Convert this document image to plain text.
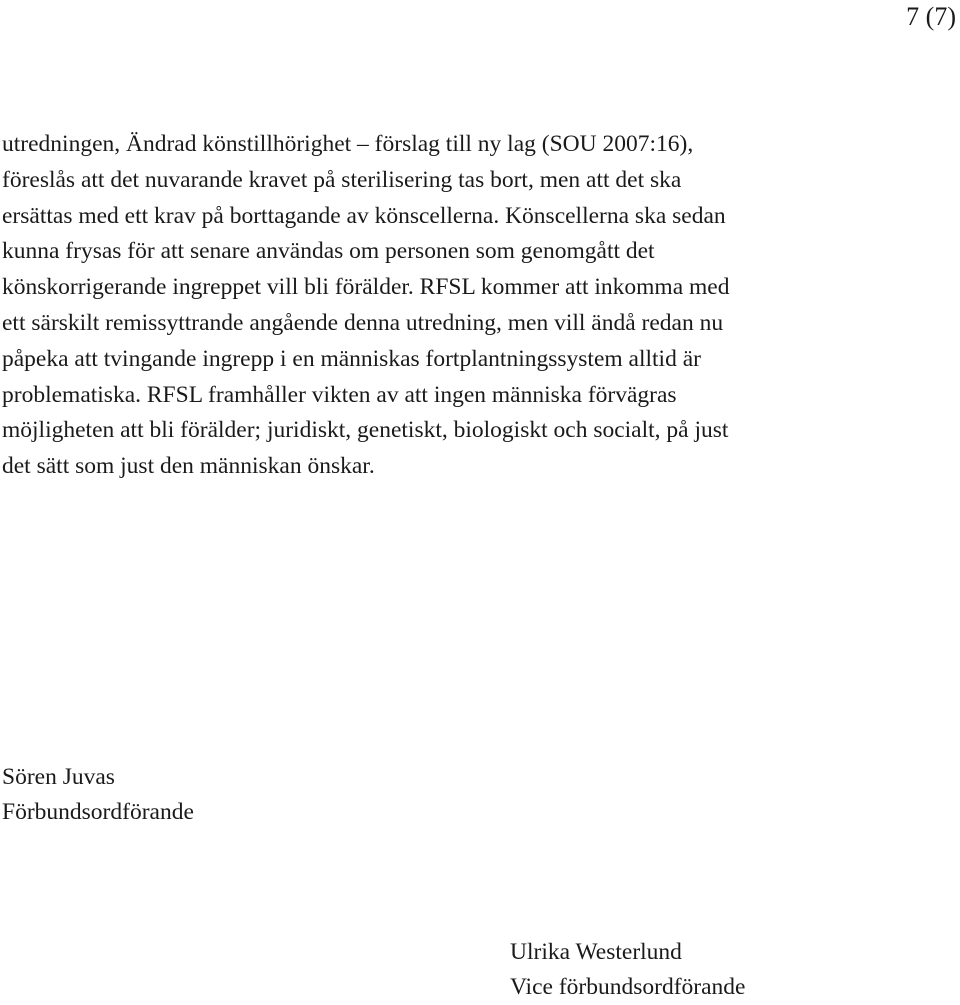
7 (7)
utredningen, Ändrad könstillhörighet – förslag till ny lag (SOU 2007:16),
föreslås att det nuvarande kravet på sterilisering tas bort, men att det ska
ersättas med ett krav på borttagande av könscellerna. Könscellerna ska sedan
kunna frysas för att senare användas om personen som genomgått det
könskorrigerande ingreppet vill bli förälder. RFSL kommer att inkomma med
ett särskilt remissyttrande angående denna utredning, men vill ändå redan nu
påpeka att tvingande ingrepp i en människas fortplantningssystem alltid är
problematiska. RFSL framhåller vikten av att ingen människa förvägras
möjligheten att bli förälder; juridiskt, genetiskt, biologiskt och socialt, på just
det sätt som just den människan önskar.
Sören Juvas
Förbundsordförande
Ulrika Westerlund
Vice förbundsordförande
